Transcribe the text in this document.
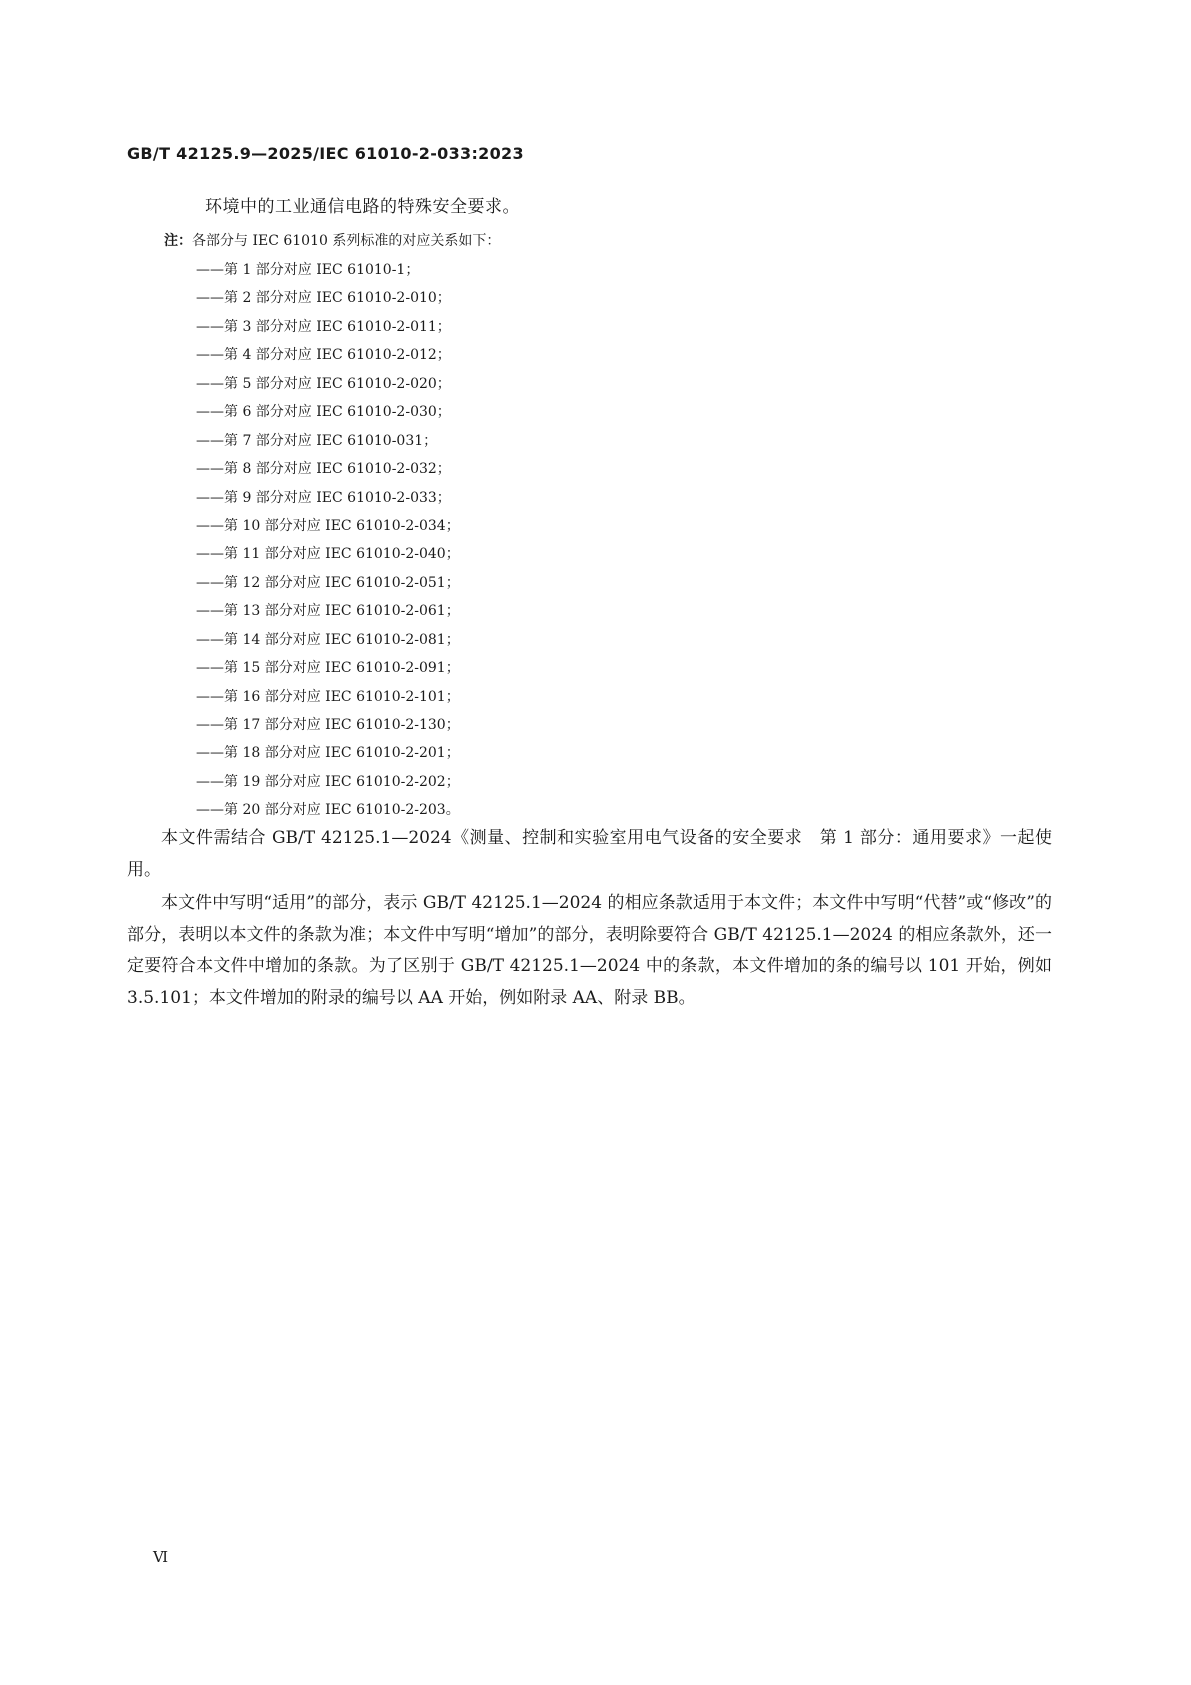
GB/T 42125.9—2025/IEC 61010-2-033:2023
环境中的工业通信电路的特殊安全要求。
注：各部分与 IEC 61010 系列标准的对应关系如下：
——第 1 部分对应 IEC 61010-1；
——第 2 部分对应 IEC 61010-2-010；
——第 3 部分对应 IEC 61010-2-011；
——第 4 部分对应 IEC 61010-2-012；
——第 5 部分对应 IEC 61010-2-020；
——第 6 部分对应 IEC 61010-2-030；
——第 7 部分对应 IEC 61010-031；
——第 8 部分对应 IEC 61010-2-032；
——第 9 部分对应 IEC 61010-2-033；
——第 10 部分对应 IEC 61010-2-034；
——第 11 部分对应 IEC 61010-2-040；
——第 12 部分对应 IEC 61010-2-051；
——第 13 部分对应 IEC 61010-2-061；
——第 14 部分对应 IEC 61010-2-081；
——第 15 部分对应 IEC 61010-2-091；
——第 16 部分对应 IEC 61010-2-101；
——第 17 部分对应 IEC 61010-2-130；
——第 18 部分对应 IEC 61010-2-201；
——第 19 部分对应 IEC 61010-2-202；
——第 20 部分对应 IEC 61010-2-203。

本文件需结合 GB/T 42125.1—2024《测量、控制和实验室用电气设备的安全要求　第 1 部分：通用要求》一起使用。

本文件中写明“适用”的部分，表示 GB/T 42125.1—2024 的相应条款适用于本文件；本文件中写明“代替”或“修改”的部分，表明以本文件的条款为准；本文件中写明“增加”的部分，表明除要符合 GB/T 42125.1—2024 的相应条款外，还一定要符合本文件中增加的条款。为了区别于 GB/T 42125.1—2024 中的条款，本文件增加的条的编号以 101 开始，例如 3.5.101；本文件增加的附录的编号以 AA 开始，例如附录 AA、附录 BB。

Ⅵ
